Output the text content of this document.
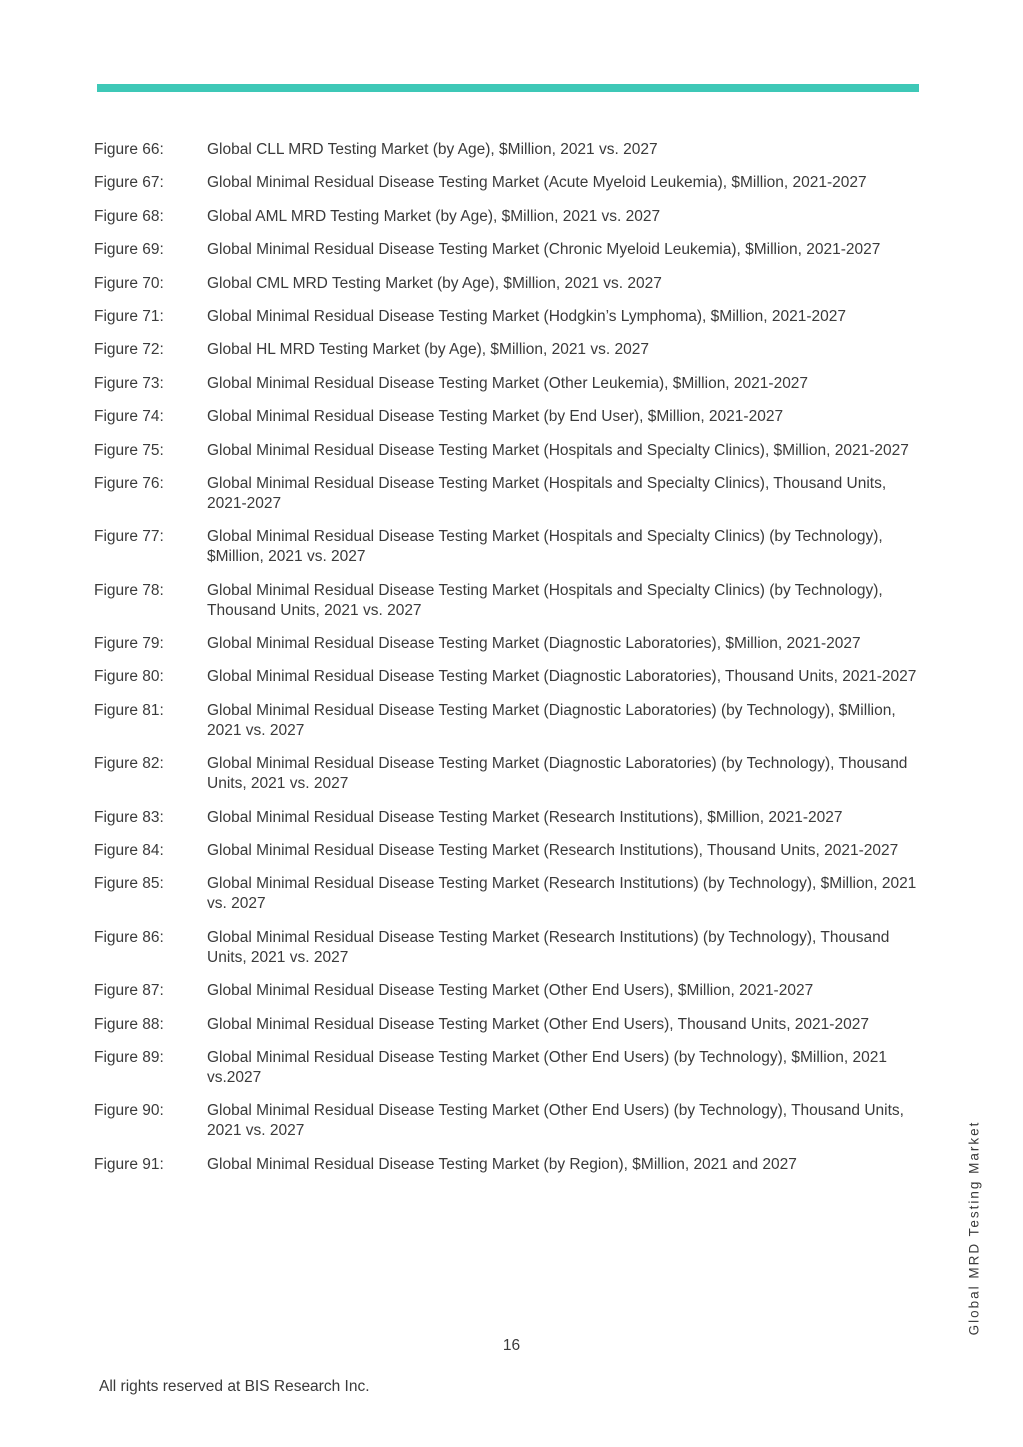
Figure 66:	Global CLL MRD Testing Market (by Age), $Million, 2021 vs. 2027
Figure 67:	Global Minimal Residual Disease Testing Market (Acute Myeloid Leukemia), $Million, 2021-2027
Figure 68:	Global AML MRD Testing Market (by Age), $Million, 2021 vs. 2027
Figure 69:	Global Minimal Residual Disease Testing Market (Chronic Myeloid Leukemia), $Million, 2021-2027
Figure 70:	Global CML MRD Testing Market (by Age), $Million, 2021 vs. 2027
Figure 71:	Global Minimal Residual Disease Testing Market (Hodgkin’s Lymphoma), $Million, 2021-2027
Figure 72:	Global HL MRD Testing Market (by Age), $Million, 2021 vs. 2027
Figure 73:	Global Minimal Residual Disease Testing Market (Other Leukemia), $Million, 2021-2027
Figure 74:	Global Minimal Residual Disease Testing Market (by End User), $Million, 2021-2027
Figure 75:	Global Minimal Residual Disease Testing Market (Hospitals and Specialty Clinics), $Million, 2021-2027
Figure 76:	Global Minimal Residual Disease Testing Market (Hospitals and Specialty Clinics), Thousand Units, 2021-2027
Figure 77:	Global Minimal Residual Disease Testing Market (Hospitals and Specialty Clinics) (by Technology), $Million, 2021 vs. 2027
Figure 78:	Global Minimal Residual Disease Testing Market (Hospitals and Specialty Clinics) (by Technology), Thousand Units, 2021 vs. 2027
Figure 79:	Global Minimal Residual Disease Testing Market (Diagnostic Laboratories), $Million, 2021-2027
Figure 80:	Global Minimal Residual Disease Testing Market (Diagnostic Laboratories), Thousand Units, 2021-2027
Figure 81:	Global Minimal Residual Disease Testing Market (Diagnostic Laboratories) (by Technology), $Million, 2021 vs. 2027
Figure 82:	Global Minimal Residual Disease Testing Market (Diagnostic Laboratories) (by Technology), Thousand Units, 2021 vs. 2027
Figure 83:	Global Minimal Residual Disease Testing Market (Research Institutions), $Million, 2021-2027
Figure 84:	Global Minimal Residual Disease Testing Market (Research Institutions), Thousand Units, 2021-2027
Figure 85:	Global Minimal Residual Disease Testing Market (Research Institutions) (by Technology), $Million, 2021 vs. 2027
Figure 86:	Global Minimal Residual Disease Testing Market (Research Institutions) (by Technology), Thousand Units, 2021 vs. 2027
Figure 87:	Global Minimal Residual Disease Testing Market (Other End Users), $Million, 2021-2027
Figure 88:	Global Minimal Residual Disease Testing Market (Other End Users), Thousand Units, 2021-2027
Figure 89:	Global Minimal Residual Disease Testing Market (Other End Users) (by Technology), $Million, 2021 vs.2027
Figure 90:	Global Minimal Residual Disease Testing Market (Other End Users) (by Technology), Thousand Units, 2021 vs. 2027
Figure 91:	Global Minimal Residual Disease Testing Market (by Region), $Million, 2021 and 2027
16
All rights reserved at BIS Research Inc.
Global MRD Testing Market
